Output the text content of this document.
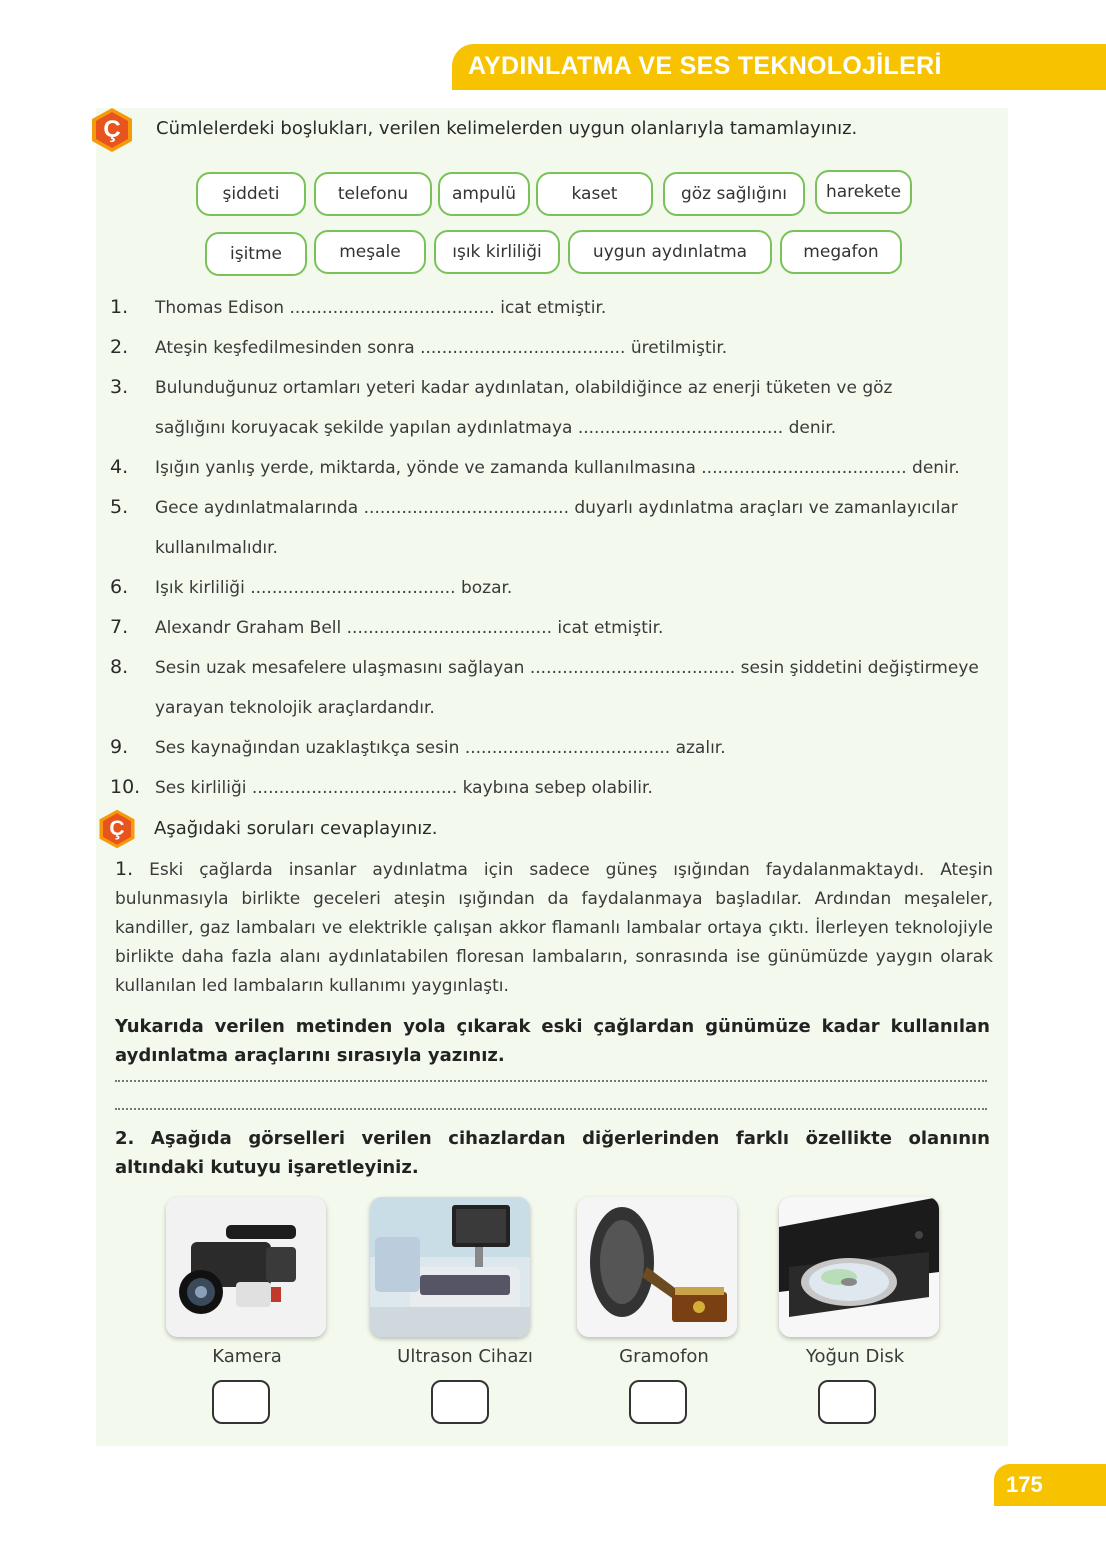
AYDINLATMA VE SES TEKNOLOJİLERİ
Ç	Cümlelerdeki boşlukları, verilen kelimelerden uygun olanlarıyla tamamlayınız.
şiddeti	telefonu	ampulü	kaset	göz sağlığını harekete
işitme	meşale	ışık kirliliği	uygun aydınlatma	megafon
1. Thomas Edison ...................................... icat etmiştir.
2. Ateşin keşfedilmesinden sonra ...................................... üretilmiştir.
3. Bulunduğunuz ortamları yeteri kadar aydınlatan, olabildiğince az enerji tüketen ve göz
sağlığını koruyacak şekilde yapılan aydınlatmaya ...................................... denir.
4. Işığın yanlış yerde, miktarda, yönde ve zamanda kullanılmasına ...................................... denir.
5. Gece aydınlatmalarında ...................................... duyarlı aydınlatma araçları ve zamanlayıcılar
kullanılmalıdır.
6. Işık kirliliği ...................................... bozar.
7. Alexandr Graham Bell ...................................... icat etmiştir.
8. Sesin uzak mesafelere ulaşmasını sağlayan ...................................... sesin şiddetini değiştirmeye
yarayan teknolojik araçlardandır.
9. Ses kaynağından uzaklaştıkça sesin ...................................... azalır.
10. Ses kirliliği ...................................... kaybına sebep olabilir.
Ç	Aşağıdaki soruları cevaplayınız.
1. Eski çağlarda insanlar aydınlatma için sadece güneş ışığından faydalanmaktaydı. Ateşin bulunmasıyla birlikte geceleri ateşin ışığından da faydalanmaya başladılar. Ardından meşaleler, kandiller, gaz lambaları ve elektrikle çalışan akkor flamanlı lambalar ortaya çıktı. İlerleyen teknolojiyle birlikte daha fazla alanı aydınlatabilen floresan lambaların, sonrasında ise günümüzde yaygın olarak kullanılan led lambaların kullanımı yaygınlaştı.
Yukarıda verilen metinden yola çıkarak eski çağlardan günümüze kadar kullanılan aydınlatma araçlarını sırasıyla yazınız.
2. Aşağıda görselleri verilen cihazlardan diğerlerinden farklı özellikte olanının altındaki kutuyu işaretleyiniz.
Kamera	Ultrason Cihazı	Gramofon	Yoğun Disk
175
